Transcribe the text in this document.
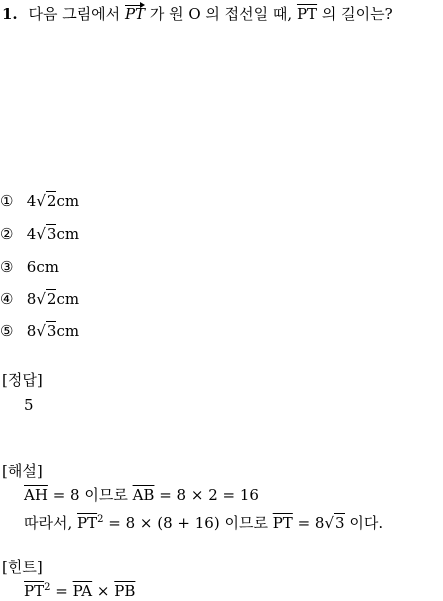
1. 다음 그림에서 PT 가 원 O 의 접선일 때, $\overline{PT}$ 의 길이는?
① 4√2cm
② 4√3cm
③ 6cm
④ 8√2cm
⑤ 8√3cm
[정답]
5
[해설]
$\overline{AH} = 8$ 이므로 $\overline{AB} = 8 \times 2 = 16$
따라서, $\overline{PT}^2 = 8 \times (8 + 16)$ 이므로 $\overline{PT} = 8√3$ 이다.
[힌트]
$\overline{PT}^2 = \overline{PA} \times \overline{PB}$
